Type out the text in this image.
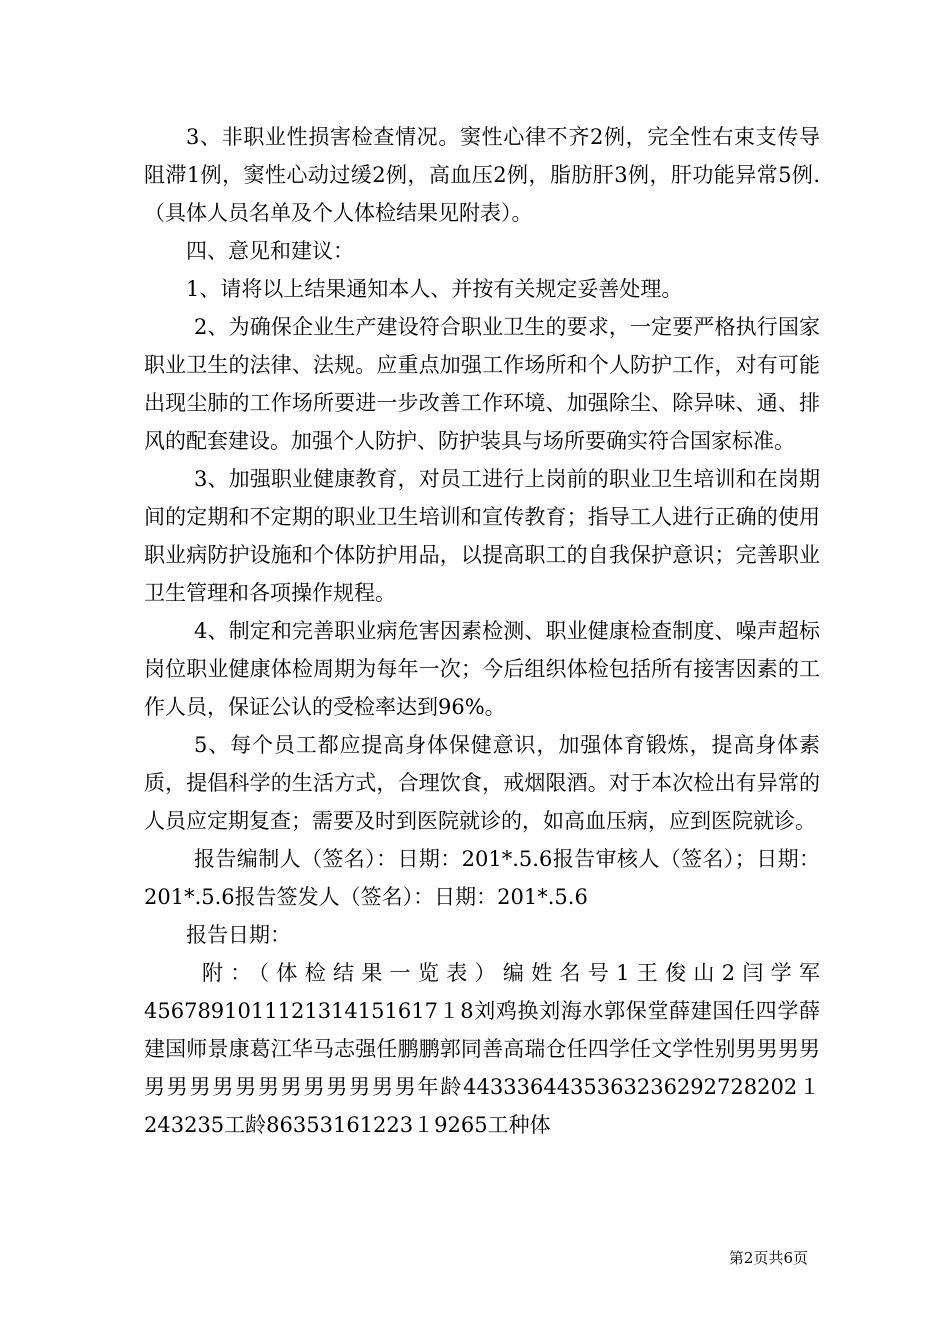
3、非职业性损害检查情况。窦性心律不齐2例，完全性右束支传导阻滞1例，窦性心动过缓2例，高血压2例，脂肪肝3例，肝功能异常5例.（具体人员名单及个人体检结果见附表）。

四、意见和建议：

1、请将以上结果通知本人、并按有关规定妥善处理。

2、为确保企业生产建设符合职业卫生的要求，一定要严格执行国家职业卫生的法律、法规。应重点加强工作场所和个人防护工作，对有可能出现尘肺的工作场所要进一步改善工作环境、加强除尘、除异味、通、排风的配套建设。加强个人防护、防护装具与场所要确实符合国家标准。

3、加强职业健康教育，对员工进行上岗前的职业卫生培训和在岗期间的定期和不定期的职业卫生培训和宣传教育；指导工人进行正确的使用职业病防护设施和个体防护用品，以提高职工的自我保护意识；完善职业卫生管理和各项操作规程。

4、制定和完善职业病危害因素检测、职业健康检查制度、噪声超标岗位职业健康体检周期为每年一次；今后组织体检包括所有接害因素的工作人员，保证公认的受检率达到96%。

5、每个员工都应提高身体保健意识，加强体育锻炼，提高身体素质，提倡科学的生活方式，合理饮食，戒烟限酒。对于本次检出有异常的人员应定期复查；需要及时到医院就诊的，如高血压病，应到医院就诊。

报告编制人（签名）：日期：201*.5.6报告审核人（签名）；日期：201*.5.6报告签发人（签名）：日期：201*.5.6

报告日期：

附：（体检结果一览表）编姓名号1王俊山2闫学军4567891011121314151617１8刘鸡换刘海水郭保堂薛建国任四学薛建国师景康葛江华马志强任鹏鹏郭同善高瑞仓任四学任文学性别男男男男男男男男男男男男男男男男年龄4433364435363236292728202１243235工龄86353161223１9265工种体

第2页共6页
